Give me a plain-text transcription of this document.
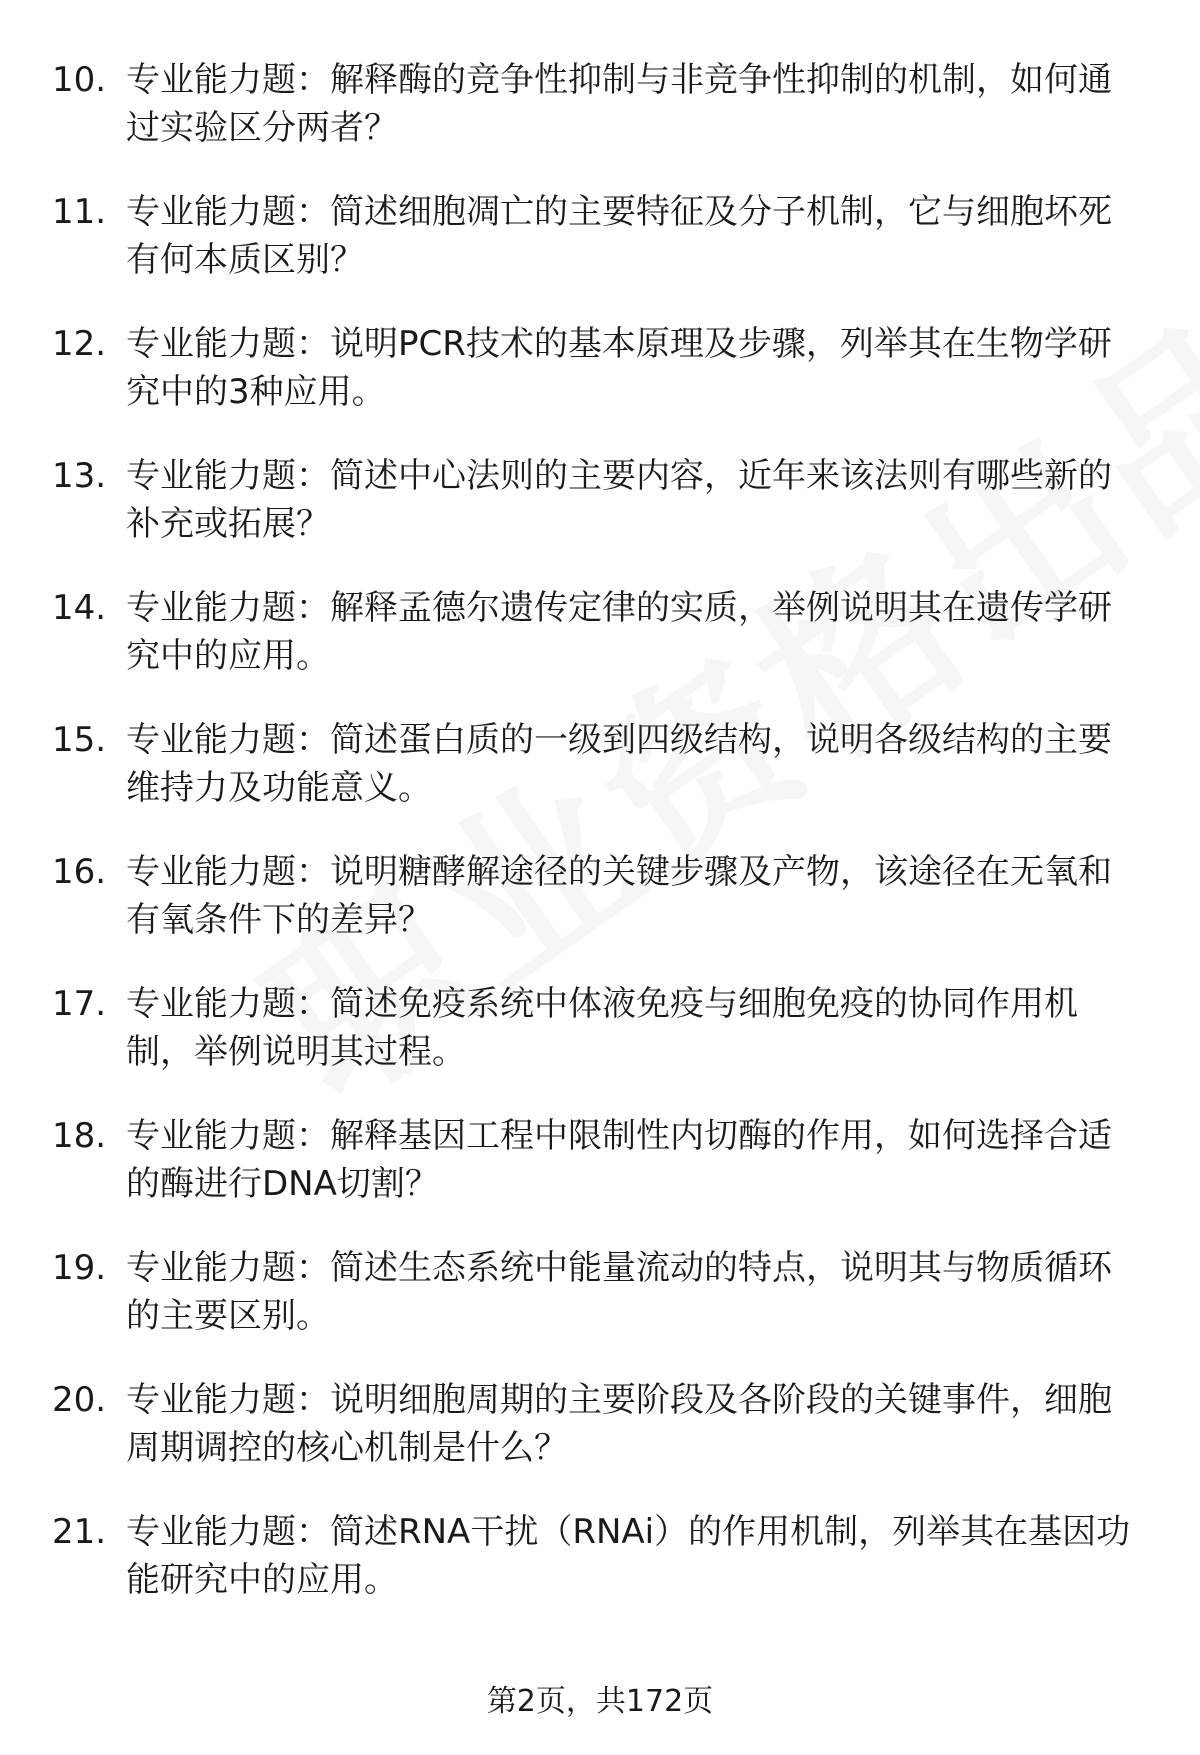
10. 专业能力题：解释酶的竞争性抑制与非竞争性抑制的机制，如何通过实验区分两者？
11. 专业能力题：简述细胞凋亡的主要特征及分子机制，它与细胞坏死有何本质区别？
12. 专业能力题：说明PCR技术的基本原理及步骤，列举其在生物学研究中的3种应用。
13. 专业能力题：简述中心法则的主要内容，近年来该法则有哪些新的补充或拓展？
14. 专业能力题：解释孟德尔遗传定律的实质，举例说明其在遗传学研究中的应用。
15. 专业能力题：简述蛋白质的一级到四级结构，说明各级结构的主要维持力及功能意义。
16. 专业能力题：说明糖酵解途径的关键步骤及产物，该途径在无氧和有氧条件下的差异？
17. 专业能力题：简述免疫系统中体液免疫与细胞免疫的协同作用机制，举例说明其过程。
18. 专业能力题：解释基因工程中限制性内切酶的作用，如何选择合适的酶进行DNA切割？
19. 专业能力题：简述生态系统中能量流动的特点，说明其与物质循环的主要区别。
20. 专业能力题：说明细胞周期的主要阶段及各阶段的关键事件，细胞周期调控的核心机制是什么？
21. 专业能力题：简述RNA干扰（RNAi）的作用机制，列举其在基因功能研究中的应用。
第2页，共172页
